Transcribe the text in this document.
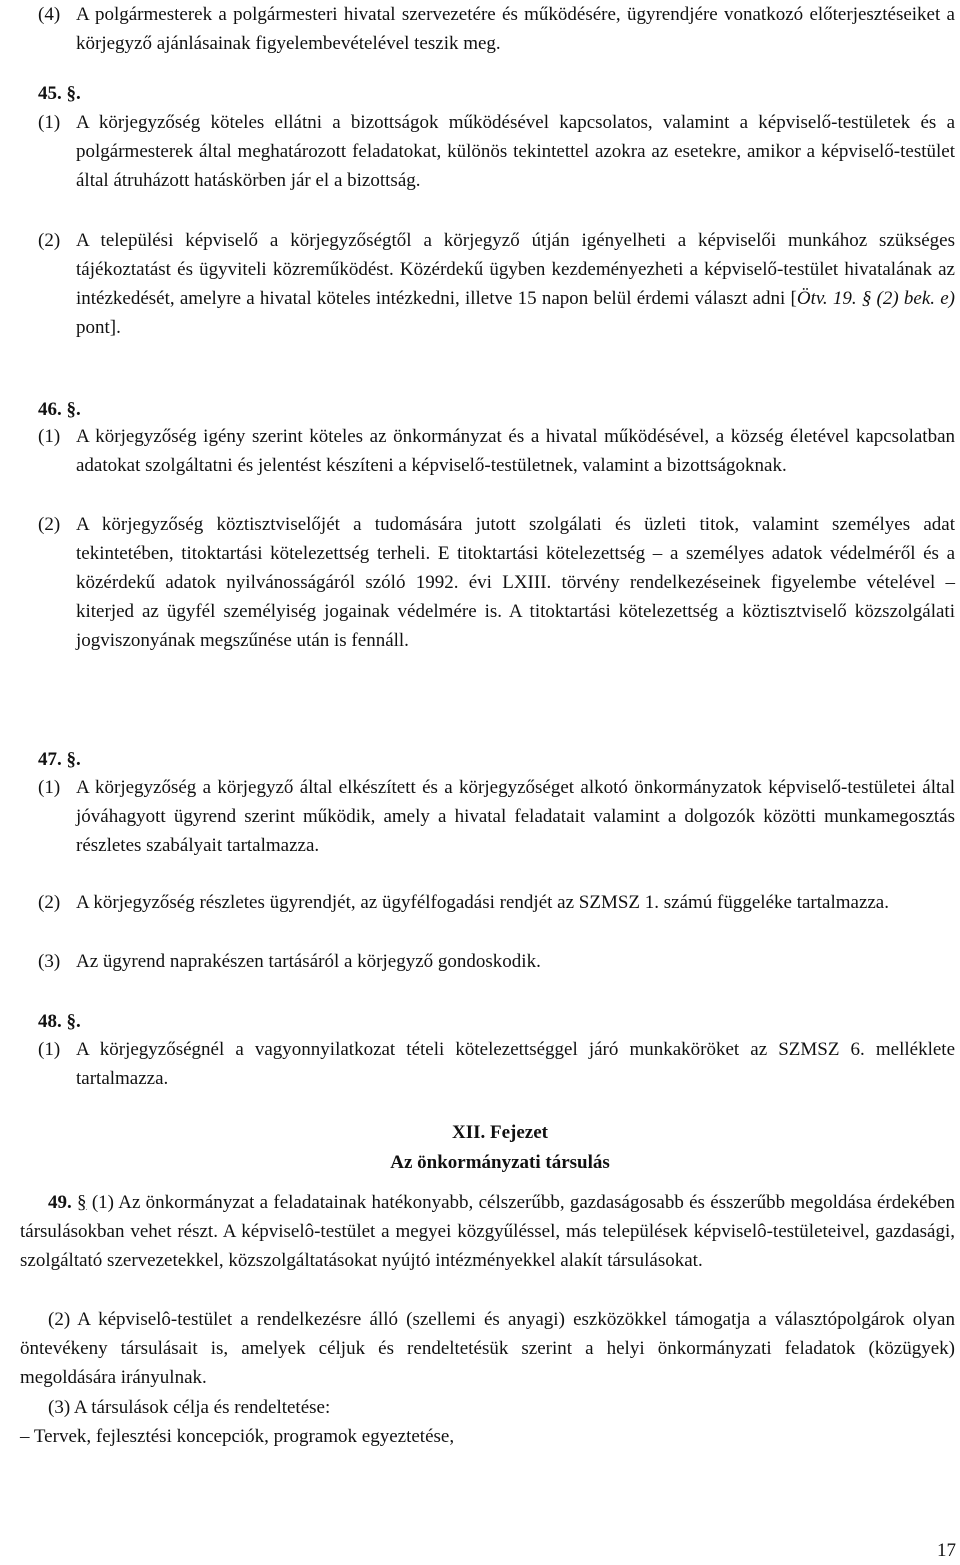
(4) A polgármesterek a polgármesteri hivatal szervezetére és működésére, ügyrendjére vonatkozó előterjesztéseiket a körjegyző ajánlásainak figyelembevételével teszik meg.
45. §.
(1) A körjegyzőség köteles ellátni a bizottságok működésével kapcsolatos, valamint a képviselő-testületek és a polgármesterek által meghatározott feladatokat, különös tekintettel azokra az esetekre, amikor a képviselő-testület által átruházott hatáskörben jár el a bizottság.
(2) A települési képviselő a körjegyzőségtől a körjegyző útján igényelheti a képviselői munkához szükséges tájékoztatást és ügyviteli közreműködést. Közérdekű ügyben kezdeményezheti a képviselő-testület hivatalának az intézkedését, amelyre a hivatal köteles intézkedni, illetve 15 napon belül érdemi választ adni [Ötv. 19. § (2) bek. e) pont].
46. §.
(1) A körjegyzőség igény szerint köteles az önkormányzat és a hivatal működésével, a község életével kapcsolatban adatokat szolgáltatni és jelentést készíteni a képviselő-testületnek, valamint a bizottságoknak.
(2) A körjegyzőség köztisztviselőjét a tudomására jutott szolgálati és üzleti titok, valamint személyes adat tekintetében, titoktartási kötelezettség terheli. E titoktartási kötelezettség – a személyes adatok védelméről és a közérdekű adatok nyilvánosságáról szóló 1992. évi LXIII. törvény rendelkezéseinek figyelembe vételével – kiterjed az ügyfél személyiség jogainak védelmére is. A titoktartási kötelezettség a köztisztviselő közszolgálati jogviszonyának megszűnése után is fennáll.
47. §.
(1) A körjegyzőség a körjegyző által elkészített és a körjegyzőséget alkotó önkormányzatok képviselő-testületei által jóváhagyott ügyrend szerint működik, amely a hivatal feladatait valamint a dolgozók közötti munkamegosztás részletes szabályait tartalmazza.
(2) A körjegyzőség részletes ügyrendjét, az ügyfélfogadási rendjét az SZMSZ 1. számú függeléke tartalmazza.
(3) Az ügyrend naprakészen tartásáról a körjegyző gondoskodik.
48. §.
(1) A körjegyzőségnél a vagyonnyilatkozat tételi kötelezettséggel járó munkaköröket az SZMSZ 6. melléklete tartalmazza.
XII. Fejezet
Az önkormányzati társulás
49. § (1) Az önkormányzat a feladatainak hatékonyabb, célszerűbb, gazdaságosabb és ésszerűbb megoldása érdekében társulásokban vehet részt. A képviselô-testület a megyei közgyűléssel, más települések képviselô-testületeivel, gazdasági, szolgáltató szervezetekkel, közszolgáltatásokat nyújtó intézményekkel alakít társulásokat.
(2) A képviselô-testület a rendelkezésre álló (szellemi és anyagi) eszközökkel támogatja a választópolgárok olyan öntevékeny társulásait is, amelyek céljuk és rendeltetésük szerint a helyi önkormányzati feladatok (közügyek) megoldására irányulnak.
(3) A társulások célja és rendeltetése:
– Tervek, fejlesztési koncepciók, programok egyeztetése,
17
